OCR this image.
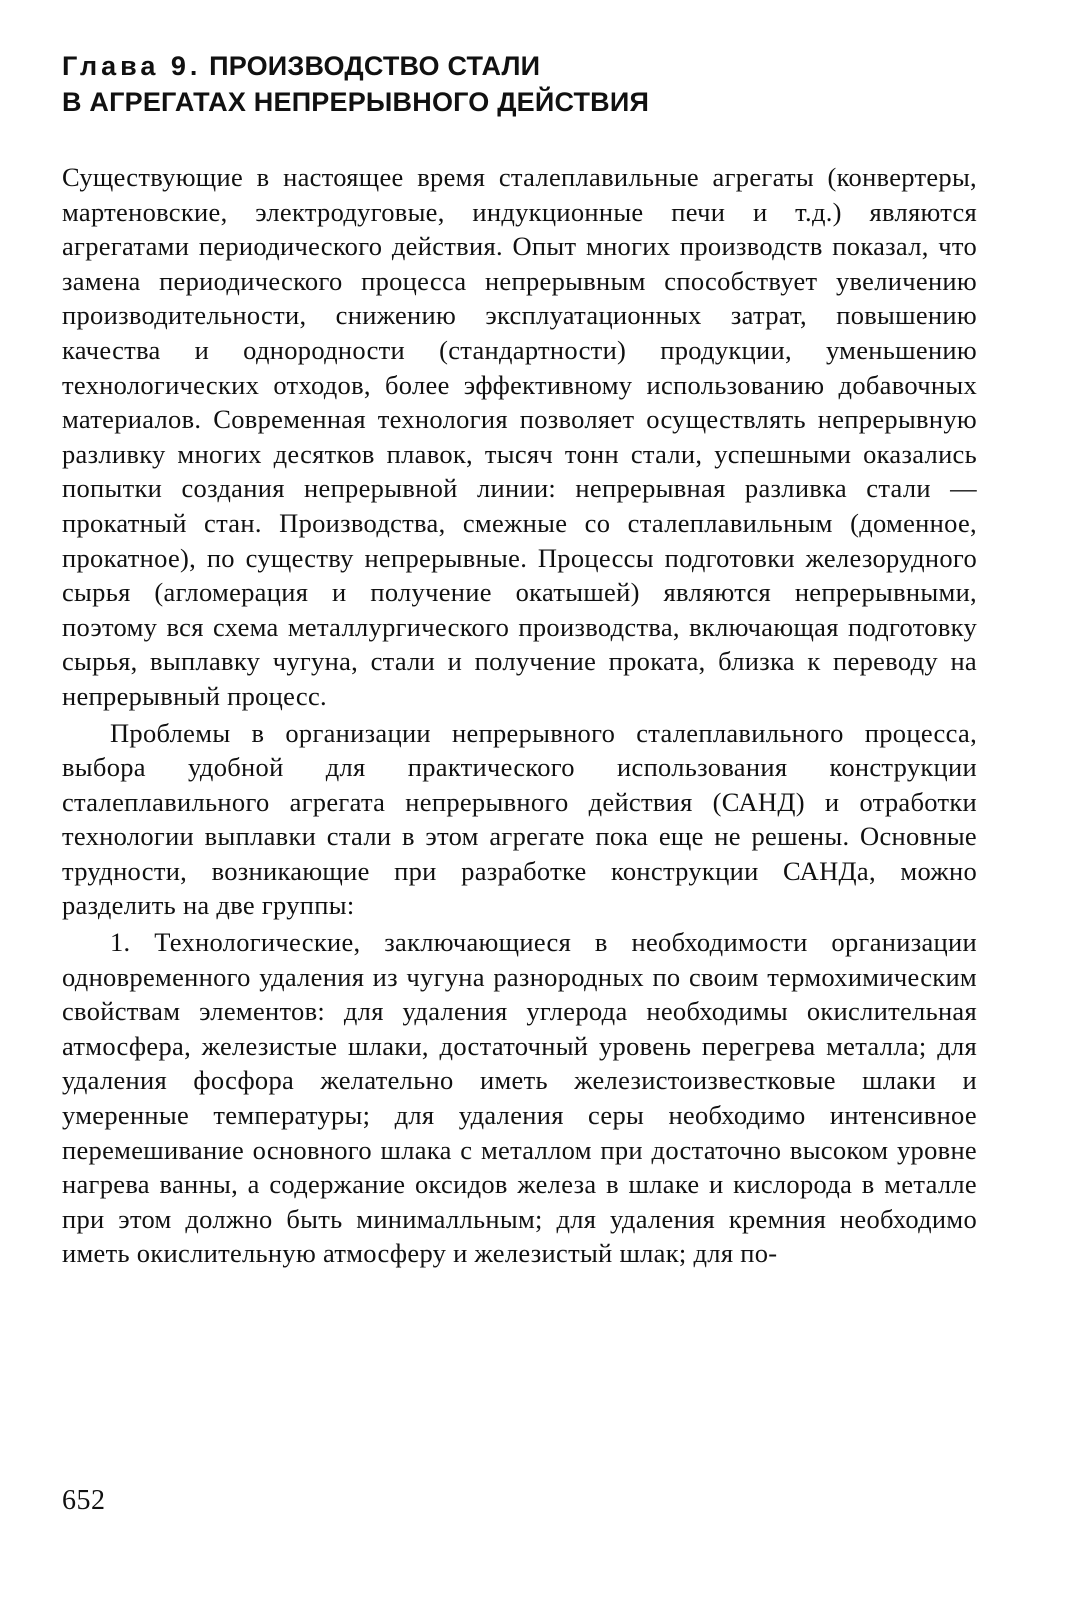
Глава 9. ПРОИЗВОДСТВО СТАЛИ
В АГРЕГАТАХ НЕПРЕРЫВНОГО ДЕЙСТВИЯ

Существующие в настоящее время сталеплавильные агрегаты (конвертеры, мартеновские, электродуговые, индукционные печи и т.д.) являются агрегатами периодического действия. Опыт многих производств показал, что замена периодического процесса непрерывным способствует увеличению производительности, снижению эксплуатационных затрат, повышению качества и однородности (стандартности) продукции, уменьшению технологических отходов, более эффективному использованию добавочных материалов. Современная технология позволяет осуществлять непрерывную разливку многих десятков плавок, тысяч тонн стали, успешными оказались попытки создания непрерывной линии: непрерывная разливка стали — прокатный стан. Производства, смежные со сталеплавильным (доменное, прокатное), по существу непрерывные. Процессы подготовки железорудного сырья (агломерация и получение окатышей) являются непрерывными, поэтому вся схема металлургического производства, включающая подготовку сырья, выплавку чугуна, стали и получение проката, близка к переводу на непрерывный процесс.

Проблемы в организации непрерывного сталеплавильного процесса, выбора удобной для практического использования конструкции сталеплавильного агрегата непрерывного действия (САНД) и отработки технологии выплавки стали в этом агрегате пока еще не решены. Основные трудности, возникающие при разработке конструкции САНДа, можно разделить на две группы:

1. Технологические, заключающиеся в необходимости организации одновременного удаления из чугуна разнородных по своим термохимическим свойствам элементов: для удаления углерода необходимы окислительная атмосфера, железистые шлаки, достаточный уровень перегрева металла; для удаления фосфора желательно иметь железистоизвестковые шлаки и умеренные температуры; для удаления серы необходимо интенсивное перемешивание основного шлака с металлом при достаточно высоком уровне нагрева ванны, а содержание оксидов железа в шлаке и кислорода в металле при этом должно быть минималльным; для удаления кремния необходимо иметь окислительную атмосферу и железистый шлак; для по-

652
